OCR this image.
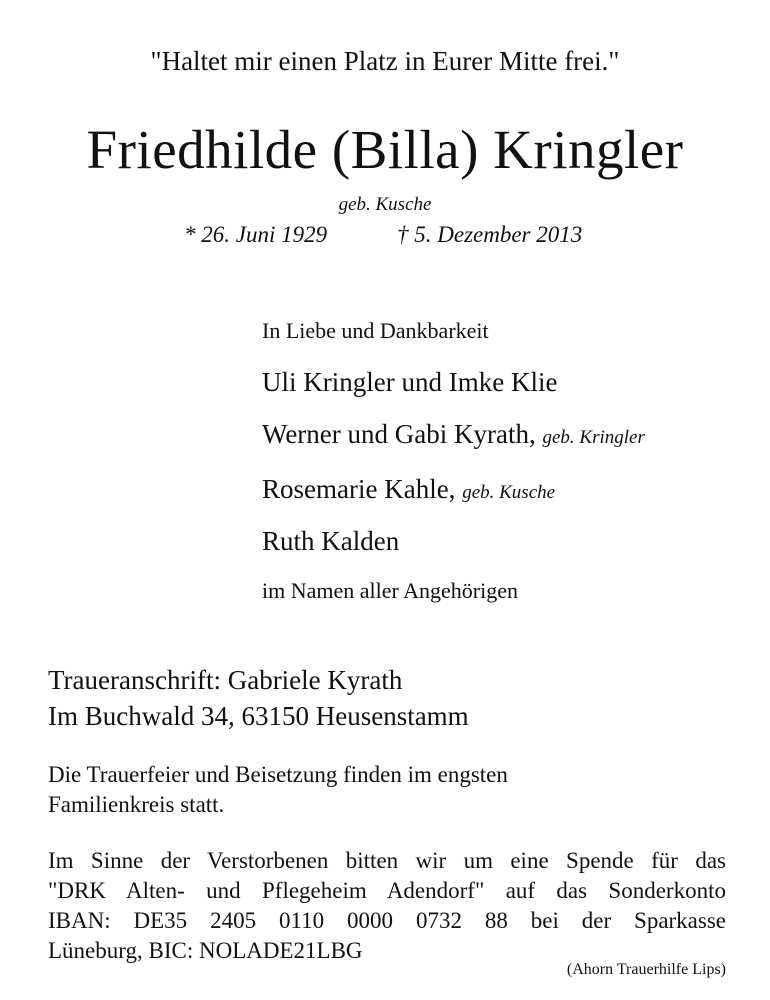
"Haltet mir einen Platz in Eurer Mitte frei."
Friedhilde (Billa) Kringler
geb. Kusche
* 26. Juni 1929	† 5. Dezember 2013
In Liebe und Dankbarkeit
Uli Kringler und Imke Klie
Werner und Gabi Kyrath, geb. Kringler
Rosemarie Kahle, geb. Kusche
Ruth Kalden
im Namen aller Angehörigen
Traueranschrift: Gabriele Kyrath
Im Buchwald 34, 63150 Heusenstamm
Die Trauerfeier und Beisetzung finden im engsten
Familienkreis statt.
Im Sinne der Verstorbenen bitten wir um eine Spende für das
"DRK Alten- und Pflegeheim Adendorf" auf das Sonderkonto
IBAN: DE35 2405 0110 0000 0732 88 bei der Sparkasse
Lüneburg, BIC: NOLADE21LBG
(Ahorn Trauerhilfe Lips)
